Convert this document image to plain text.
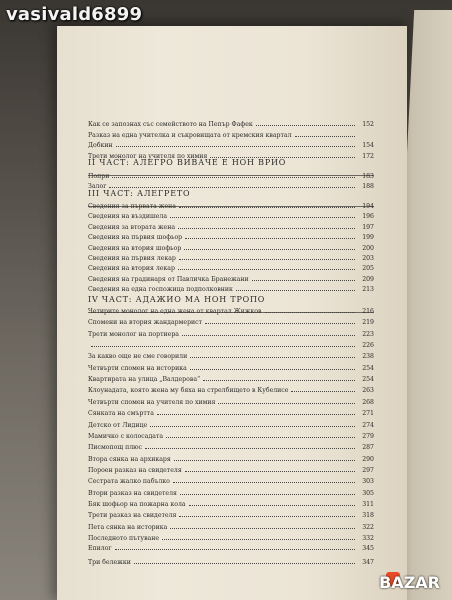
vasivald6899
Как се запознах със семейството на Пепър Фафек	152
Разказ на една учителка и съкровищата от кремския квартал
Добкин	154
Трети монолог на учителя по химия	172
II ЧАСТ: АЛЕГРО ВИВАЧЕ Е НОН ВРИО
Попри	183
Залог	188
III ЧАСТ: АЛЕГРЕТО
Сведения за първата жена	194
Сведения на въздишела	196
Сведения за втората жена	197
Сведения на първия шофьор	199
Сведения на втория шофьор	200
Сведения на първия лекар	203
Сведения на втория лекар	205
Сведения на градинаря от Павличка Бранежани	209
Сведения на една госпожица подполковник	213
IV ЧАСТ: АДАЖИО МА НОН ТРОПО
Четирите монолог на една жена от квартал Жижков	216
Спомени на втория жандармерист	219
Трети монолог на портиера	223
226
За какво още не сме говорили	238
Четвърти спомен на историка	254
Квартирата на улица „Валдерова“	254
Клоунадата, която жена му бяха на стрелбището в Кубелисе	263
Четвърти спомен на учителя по химия	268
Сянката на смъртта	271
Детско от Лидице	274
Мамичко с колосадата	279
Писмопощ плюс	287
Втора сянка на архикаря	290
Пороен разказ на свидетеля	297
Сестрата жалко пабълко	303
Втори разказ на свидетеля	305
Бяк шофьор на пожарна кола	311
Трети разказ на свидетеля	318
Пета сянка на историка	322
Последното пътуване	332
Епилог	345
Три бележки	347
BAZAR
